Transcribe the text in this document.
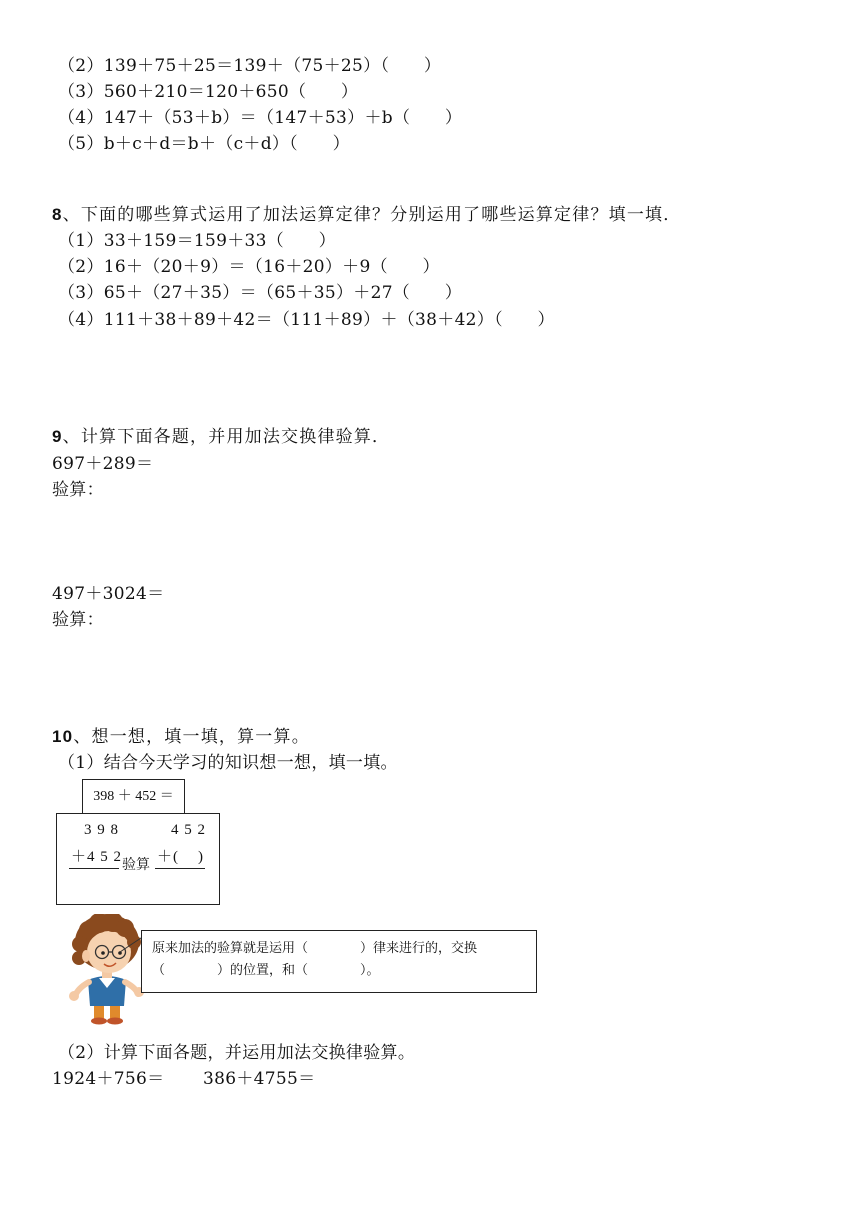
（2）139＋75＋25＝139＋（75＋25）（　　）
（3）560＋210＝120＋650（　　）
（4）147＋（53＋b）＝（147＋53）＋b（　　）
（5）b＋c＋d＝b＋（c＋d）（　　）
8、下面的哪些算式运用了加法运算定律？分别运用了哪些运算定律？填一填．
（1）33＋159＝159＋33（　　）
（2）16＋（20＋9）＝（16＋20）＋9（　　）
（3）65＋（27＋35）＝（65＋35）＋27（　　）
（4）111＋38＋89＋42＝（111＋89）＋（38＋42）（　　）
9、计算下面各题，并用加法交换律验算．
697＋289＝
验算：
497＋3024＝
验算：
10、想一想，填一填，算一算。
（1）结合今天学习的知识想一想，填一填。
398 ＋ 452 ＝
3 9 8
＋4 5 2
验算
4 5 2
＋(    )
原来加法的验算就是运用（　　　　）律来进行的，交换
（　　　　）的位置，和（　　　　）。
（2）计算下面各题，并运用加法交换律验算。
1924＋756＝ 386＋4755＝
